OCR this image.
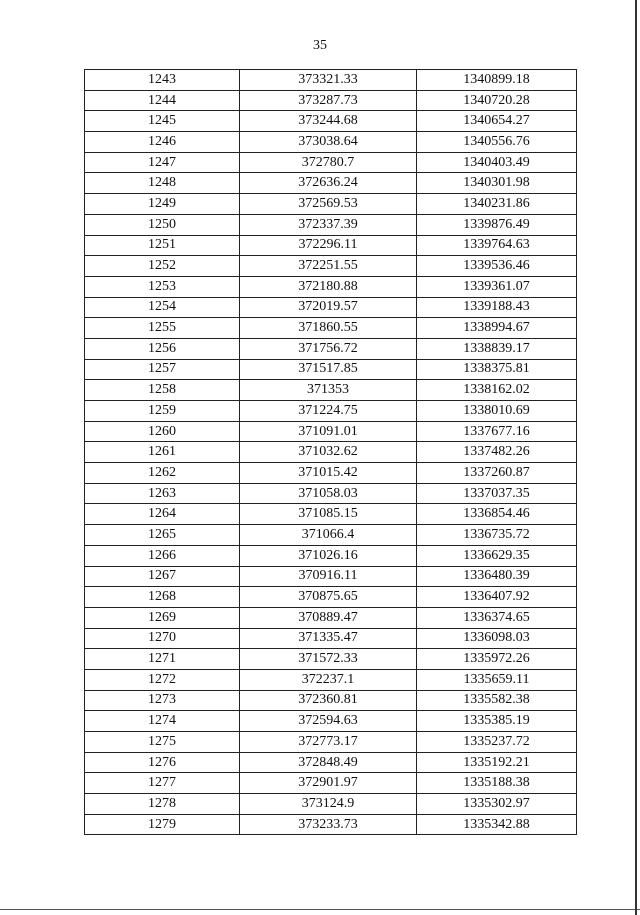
35
1243	373321.33	1340899.18
1244	373287.73	1340720.28
1245	373244.68	1340654.27
1246	373038.64	1340556.76
1247	372780.7	1340403.49
1248	372636.24	1340301.98
1249	372569.53	1340231.86
1250	372337.39	1339876.49
1251	372296.11	1339764.63
1252	372251.55	1339536.46
1253	372180.88	1339361.07
1254	372019.57	1339188.43
1255	371860.55	1338994.67
1256	371756.72	1338839.17
1257	371517.85	1338375.81
1258	371353	1338162.02
1259	371224.75	1338010.69
1260	371091.01	1337677.16
1261	371032.62	1337482.26
1262	371015.42	1337260.87
1263	371058.03	1337037.35
1264	371085.15	1336854.46
1265	371066.4	1336735.72
1266	371026.16	1336629.35
1267	370916.11	1336480.39
1268	370875.65	1336407.92
1269	370889.47	1336374.65
1270	371335.47	1336098.03
1271	371572.33	1335972.26
1272	372237.1	1335659.11
1273	372360.81	1335582.38
1274	372594.63	1335385.19
1275	372773.17	1335237.72
1276	372848.49	1335192.21
1277	372901.97	1335188.38
1278	373124.9	1335302.97
1279	373233.73	1335342.88
